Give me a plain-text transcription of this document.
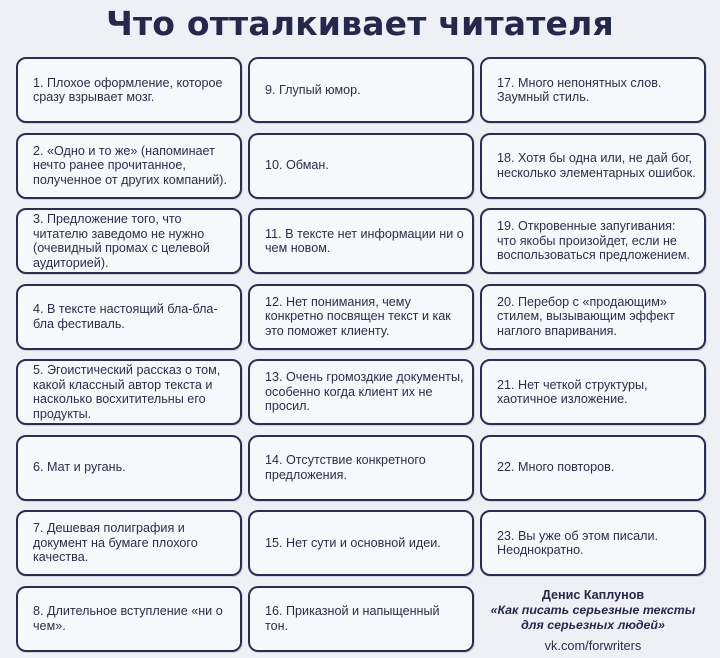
Что отталкивает читателя
1. Плохое оформление, которое сразу взрывает мозг.
9. Глупый юмор.
17. Много непонятных слов. Заумный стиль.
2. «Одно и то же» (напоминает нечто ранее прочитанное, полученное от других компаний).
10. Обман.
18. Хотя бы одна или, не дай бог, несколько элементарных ошибок.
3. Предложение того, что читателю заведомо не нужно (очевидный промах с целевой аудиторией).
11. В тексте нет информации ни о чем новом.
19. Откровенные запугивания: что якобы произойдет, если не воспользоваться предложением.
4. В тексте настоящий бла-бла-бла фестиваль.
12. Нет понимания, чему конкретно посвящен текст и как это поможет клиенту.
20. Перебор с «продающим» стилем, вызывающим эффект наглого впаривания.
5. Эгоистический рассказ о том, какой классный автор текста и насколько восхитительны его продукты.
13. Очень громоздкие документы, особенно когда клиент их не просил.
21. Нет четкой структуры, хаотичное изложение.
6. Мат и ругань.
14. Отсутствие конкретного предложения.
22. Много повторов.
7. Дешевая полиграфия и документ на бумаге плохого качества.
15. Нет сути и основной идеи.
23. Вы уже об этом писали. Неоднократно.
8. Длительное вступление «ни о чем».
16. Приказной и напыщенный тон.
Денис Каплунов
«Как писать серьезные тексты для серьезных людей»
vk.com/forwriters
